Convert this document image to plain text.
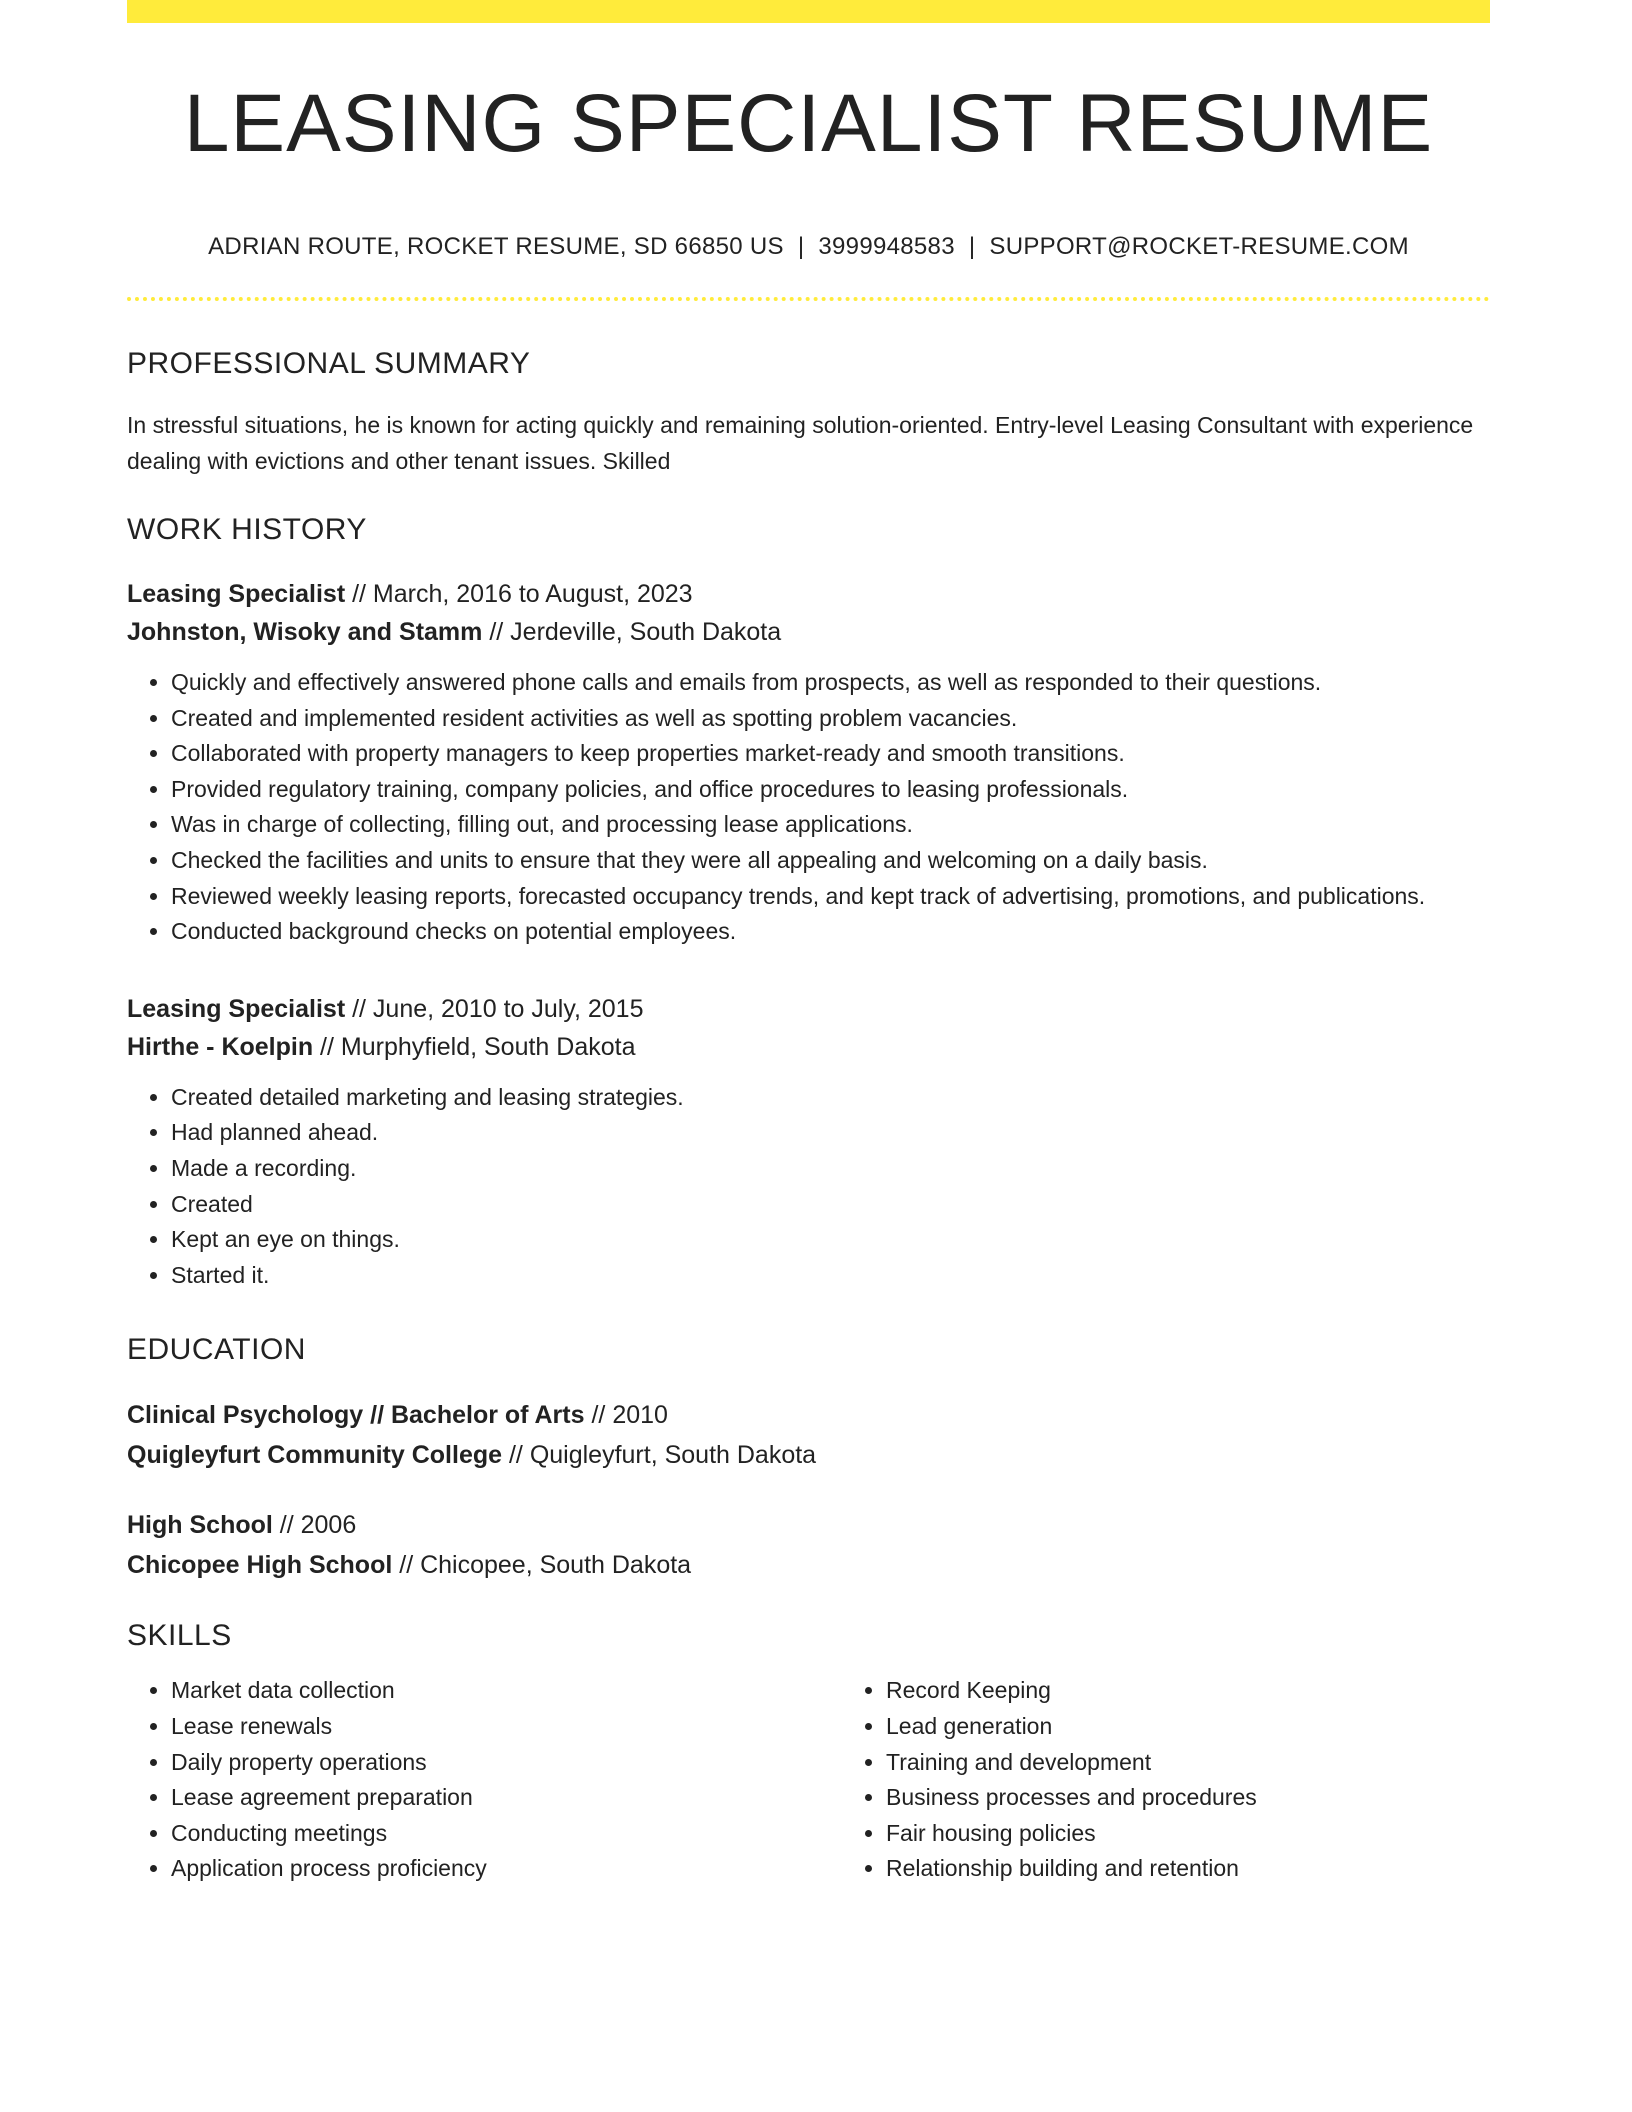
LEASING SPECIALIST RESUME
ADRIAN ROUTE, ROCKET RESUME, SD 66850 US | 3999948583 | SUPPORT@ROCKET-RESUME.COM
PROFESSIONAL SUMMARY
In stressful situations, he is known for acting quickly and remaining solution-oriented. Entry-level Leasing Consultant with experience dealing with evictions and other tenant issues. Skilled
WORK HISTORY
Leasing Specialist // March, 2016 to August, 2023
Johnston, Wisoky and Stamm // Jerdeville, South Dakota
• Quickly and effectively answered phone calls and emails from prospects, as well as responded to their questions.
• Created and implemented resident activities as well as spotting problem vacancies.
• Collaborated with property managers to keep properties market-ready and smooth transitions.
• Provided regulatory training, company policies, and office procedures to leasing professionals.
• Was in charge of collecting, filling out, and processing lease applications.
• Checked the facilities and units to ensure that they were all appealing and welcoming on a daily basis.
• Reviewed weekly leasing reports, forecasted occupancy trends, and kept track of advertising, promotions, and publications.
• Conducted background checks on potential employees.
Leasing Specialist // June, 2010 to July, 2015
Hirthe - Koelpin // Murphyfield, South Dakota
• Created detailed marketing and leasing strategies.
• Had planned ahead.
• Made a recording.
• Created
• Kept an eye on things.
• Started it.
EDUCATION
Clinical Psychology // Bachelor of Arts // 2010
Quigleyfurt Community College // Quigleyfurt, South Dakota
High School // 2006
Chicopee High School // Chicopee, South Dakota
SKILLS
• Market data collection
• Lease renewals
• Daily property operations
• Lease agreement preparation
• Conducting meetings
• Application process proficiency
• Record Keeping
• Lead generation
• Training and development
• Business processes and procedures
• Fair housing policies
• Relationship building and retention
